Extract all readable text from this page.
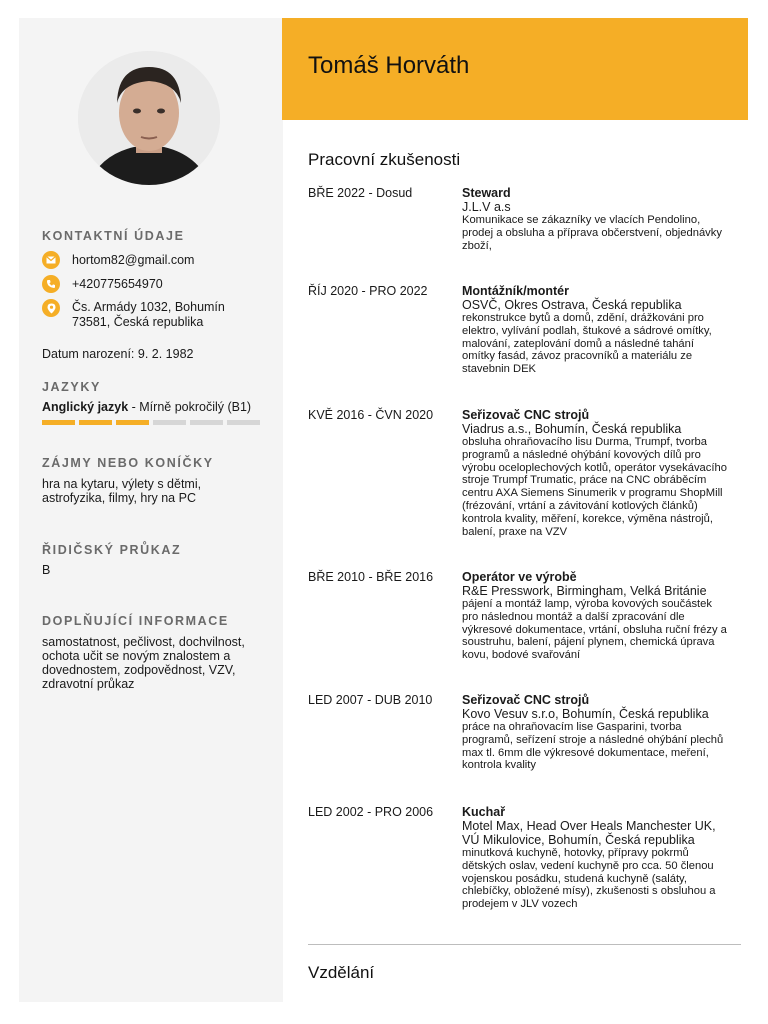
KONTAKTNÍ ÚDAJE
hortom82@gmail.com
+420775654970
Čs. Armády 1032, Bohumín
73581, Česká republika
Datum narození: 9. 2. 1982
JAZYKY
Anglický jazyk - Mírně pokročilý (B1)
ZÁJMY NEBO KONÍČKY
hra na kytaru, výlety s dětmi, astrofyzika, filmy, hry na PC
ŘIDIČSKÝ PRŮKAZ
B
DOPLŇUJÍCÍ INFORMACE
samostatnost, pečlivost, dochvilnost, ochota učit se novým znalostem a dovednostem, zodpovědnost, VZV, zdravotní průkaz
Tomáš Horváth
Pracovní zkušenosti
BŘE 2022 - Dosud	Steward
J.L.V a.s
Komunikace se zákazníky ve vlacích Pendolino, prodej a obsluha a příprava občerstvení, objednávky zboží,
ŘÍJ 2020 - PRO 2022	Montážník/montér
OSVČ, Okres Ostrava, Česká republika
rekonstrukce bytů a domů, zdění, drážkováni pro elektro, vylívání podlah, štukové a sádrové omítky, malování, zateplování domů a následné tahání omítky fasád, závoz pracovníků a materiálu ze stavebnin DEK
KVĚ 2016 - ČVN 2020 Seřizovač CNC strojů
Viadrus a.s., Bohumín, Česká republika
obsluha ohraňovacího lisu Durma, Trumpf, tvorba programů a následné ohýbání kovových dílů pro výrobu oceloplechových kotlů, operátor vysekávacího stroje Trumpf Trumatic, práce na CNC obráběcím centru AXA Siemens Sinumerik v programu ShopMill (frézování, vrtání a závitování kotlových článků) kontrola kvality, měření, korekce, výměna nástrojů, balení, praxe na VZV
BŘE 2010 - BŘE 2016 Operátor ve výrobě
R&E Presswork, Birmingham, Velká Británie
pájení a montáž lamp, výroba kovových součástek pro následnou montáž a další zpracování dle výkresové dokumentace, vrtání, obsluha ruční frézy a soustruhu, balení, pájení plynem, chemická úprava kovu, bodové svařování
LED 2007 - DUB 2010 Seřizovač CNC strojů
Kovo Vesuv s.r.o, Bohumín, Česká republika
práce na ohraňovacím lise Gasparini, tvorba programů, seřízení stroje a následné ohýbání plechů max tl. 6mm dle výkresové dokumentace, meření, kontrola kvality
LED 2002 - PRO 2006 Kuchař
Motel Max, Head Over Heals Manchester UK, VÚ Mikulovice, Bohumín, Česká republika
minutková kuchyně, hotovky, přípravy pokrmů dětských oslav, vedení kuchyně pro cca. 50 členou vojenskou posádku, studená kuchyně (saláty, chlebíčky, obložené mísy), zkušenosti s obsluhou a prodejem v JLV vozech
Vzdělání
